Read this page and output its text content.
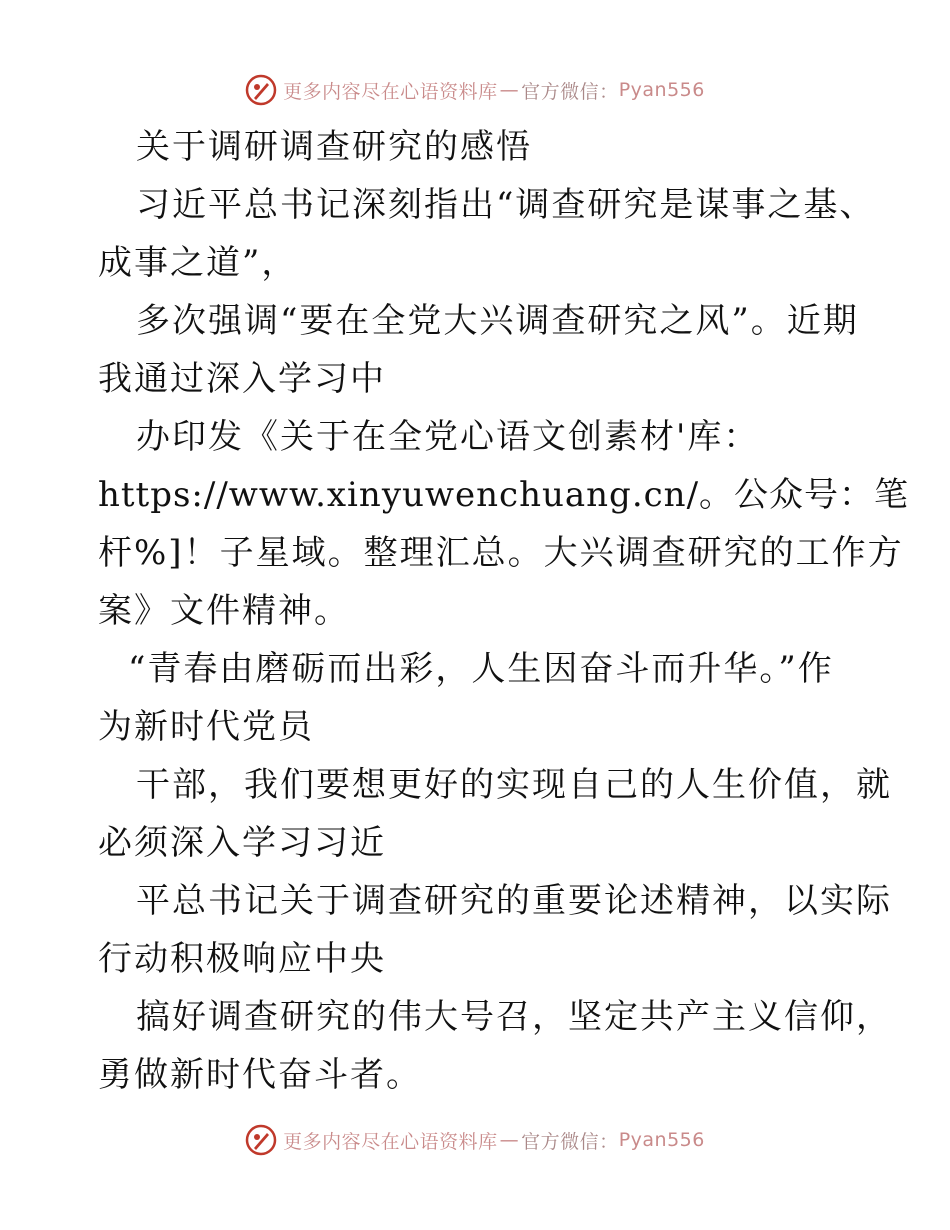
更多内容尽在心语资料库 — 官方微信： Pyan556
关于调研调查研究的感悟
习近平总书记深刻指出“调查研究是谋事之基、
成事之道”，
多次强调“要在全党大兴调查研究之风”。近期
我通过深入学习中
办印发《关于在全党心语文创素材'库：
https://www.xinyuwenchuang.cn/。公众号：笔
杆%]！子星域。整理汇总。大兴调查研究的工作方
案》文件精神。
“青春由磨砺而出彩，人生因奋斗而升华。”作
为新时代党员
干部，我们要想更好的实现自己的人生价值，就
必须深入学习习近
平总书记关于调查研究的重要论述精神，以实际
行动积极响应中央
搞好调查研究的伟大号召，坚定共产主义信仰，
勇做新时代奋斗者。
更多内容尽在心语资料库 — 官方微信： Pyan556
